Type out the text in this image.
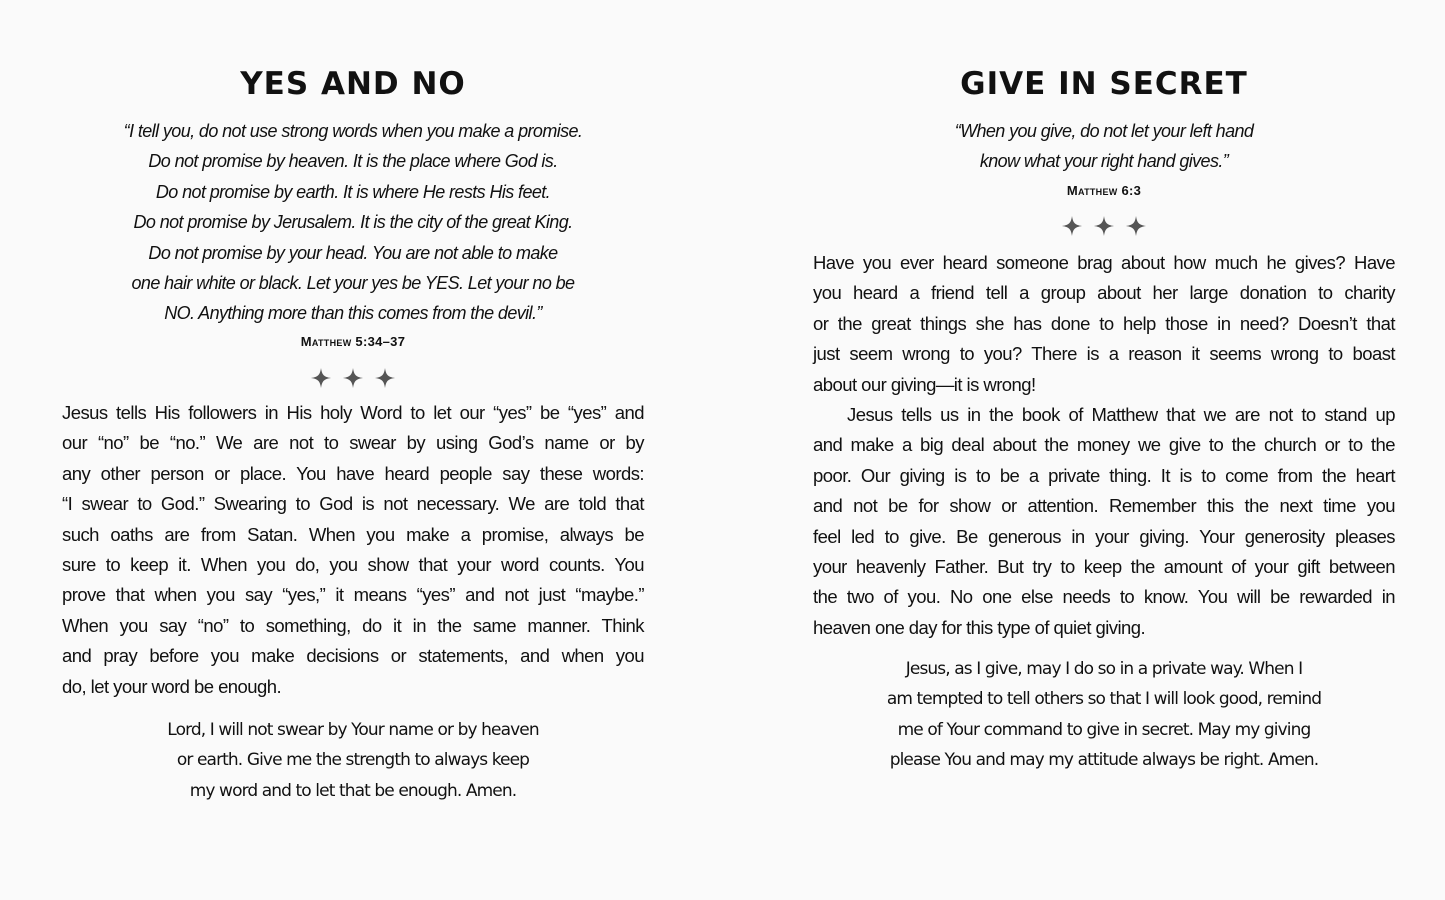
YES AND NO

“I tell you, do not use strong words when you make a promise.
Do not promise by heaven. It is the place where God is.
Do not promise by earth. It is where He rests His feet.
Do not promise by Jerusalem. It is the city of the great King.
Do not promise by your head. You are not able to make
one hair white or black. Let your yes be YES. Let your no be
NO. Anything more than this comes from the devil.”

Matthew 5:34–37

Jesus tells His followers in His holy Word to let our “yes” be “yes” and
our “no” be “no.” We are not to swear by using God’s name or by
any other person or place. You have heard people say these words:
“I swear to God.” Swearing to God is not necessary. We are told that
such oaths are from Satan. When you make a promise, always be
sure to keep it. When you do, you show that your word counts. You
prove that when you say “yes,” it means “yes” and not just “maybe.”
When you say “no” to something, do it in the same manner. Think
and pray before you make decisions or statements, and when you
do, let your word be enough.

Lord, I will not swear by Your name or by heaven
or earth. Give me the strength to always keep
my word and to let that be enough. Amen.

GIVE IN SECRET

“When you give, do not let your left hand
know what your right hand gives.”

Matthew 6:3

Have you ever heard someone brag about how much he gives? Have
you heard a friend tell a group about her large donation to charity
or the great things she has done to help those in need? Doesn’t that
just seem wrong to you? There is a reason it seems wrong to boast
about our giving—it is wrong!
Jesus tells us in the book of Matthew that we are not to stand up
and make a big deal about the money we give to the church or to the
poor. Our giving is to be a private thing. It is to come from the heart
and not be for show or attention. Remember this the next time you
feel led to give. Be generous in your giving. Your generosity pleases
your heavenly Father. But try to keep the amount of your gift between
the two of you. No one else needs to know. You will be rewarded in
heaven one day for this type of quiet giving.

Jesus, as I give, may I do so in a private way. When I
am tempted to tell others so that I will look good, remind
me of Your command to give in secret. May my giving
please You and may my attitude always be right. Amen.
